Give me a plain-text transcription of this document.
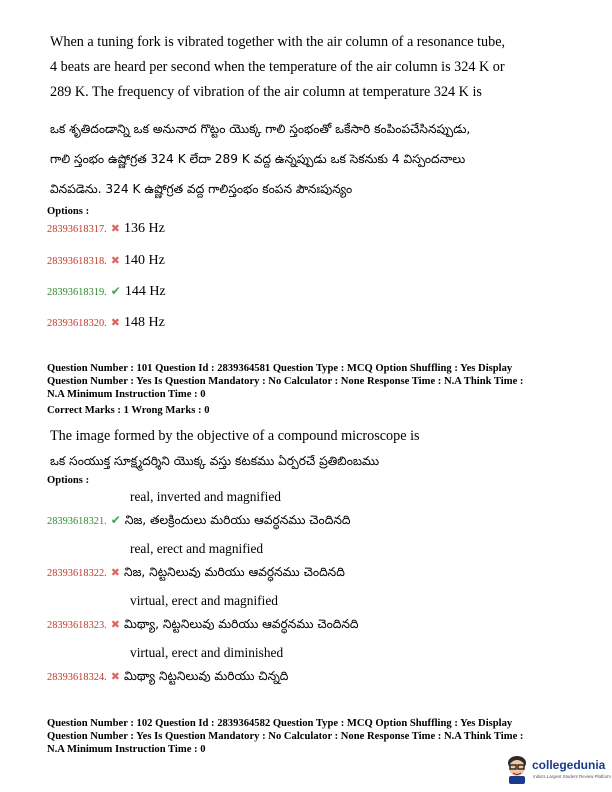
When a tuning fork is vibrated together with the air column of a resonance tube,
4 beats are heard per second when the temperature of the air column is 324 K or
289 K. The frequency of vibration of the air column at temperature 324 K is
ఒక శృతిదండాన్ని ఒక అనునాద గొట్టం యొక్క గాలి స్తంభంతో ఒకేసారి కంపింపచేసినప్పుడు,
గాలి స్తంభం ఉష్ణోగ్రత 324 K లేదా 289 K వద్ద ఉన్నప్పుడు ఒక సెకనుకు 4 విస్పందనాలు
వినపడెను. 324 K ఉష్ణోగ్రత వద్ద గాలిస్తంభం కంపన పౌనఃపున్యం
Options :
28393618317. ✖ 136 Hz
28393618318. ✖ 140 Hz
28393618319. ✔ 144 Hz
28393618320. ✖ 148 Hz
Question Number : 101 Question Id : 2839364581 Question Type : MCQ Option Shuffling : Yes Display
Question Number : Yes Is Question Mandatory : No Calculator : None Response Time : N.A Think Time :
N.A Minimum Instruction Time : 0
Correct Marks : 1 Wrong Marks : 0
The image formed by the objective of a compound microscope is
ఒక సంయుక్త సూక్ష్మదర్శిని యొక్క వస్తు కటకము ఏర్పరచే ప్రతిబింబము
Options :
real, inverted and magnified
28393618321. ✔ నిజ, తలక్రిందులు మరియు ఆవర్ధనము చెందినది
real, erect and magnified
28393618322. ✖ నిజ, నిట్టనిలువు మరియు ఆవర్ధనము చెందినది
virtual, erect and magnified
28393618323. ✖ మిథ్యా, నిట్టనిలువు మరియు ఆవర్ధనము చెందినది
virtual, erect and diminished
28393618324. ✖ మిథ్యా నిట్టనిలువు మరియు చిన్నది
Question Number : 102 Question Id : 2839364582 Question Type : MCQ Option Shuffling : Yes Display
Question Number : Yes Is Question Mandatory : No Calculator : None Response Time : N.A Think Time :
N.A Minimum Instruction Time : 0
collegedunia
India's Largest Student Review Platform
